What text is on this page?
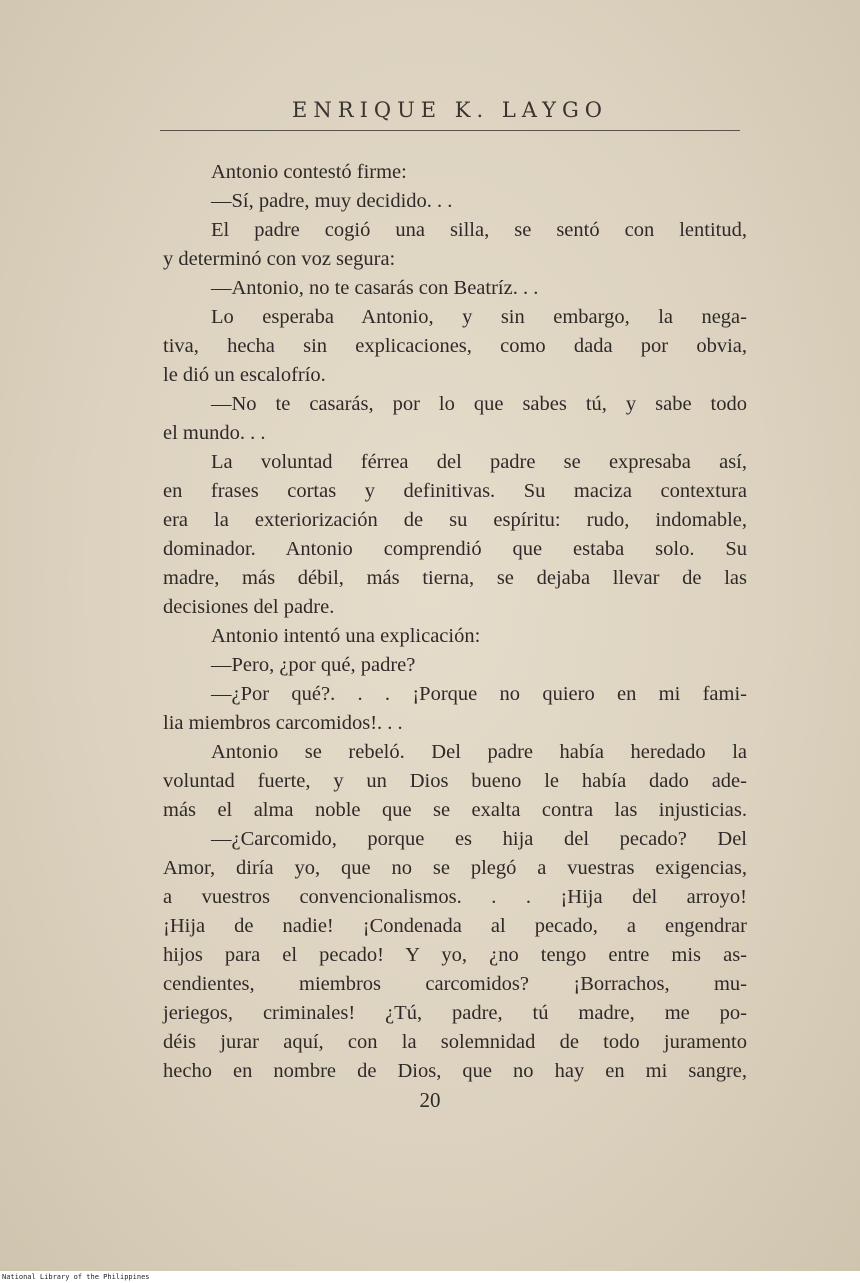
ENRIQUE K. LAYGO
Antonio contestó firme:
—Sí, padre, muy decidido. . .
El padre cogió una silla, se sentó con lentitud,
y determinó con voz segura:
—Antonio, no te casarás con Beatríz. . .
Lo esperaba Antonio, y sin embargo, la nega-
tiva, hecha sin explicaciones, como dada por obvia,
le dió un escalofrío.
—No te casarás, por lo que sabes tú, y sabe todo
el mundo. . .
La voluntad férrea del padre se expresaba así,
en frases cortas y definitivas. Su maciza contextura
era la exteriorización de su espíritu: rudo, indomable,
dominador. Antonio comprendió que estaba solo. Su
madre, más débil, más tierna, se dejaba llevar de las
decisiones del padre.
Antonio intentó una explicación:
—Pero, ¿por qué, padre?
—¿Por qué?. . . ¡Porque no quiero en mi fami-
lia miembros carcomidos!. . .
Antonio se rebeló. Del padre había heredado la
voluntad fuerte, y un Dios bueno le había dado ade-
más el alma noble que se exalta contra las injusticias.
—¿Carcomido, porque es hija del pecado? Del
Amor, diría yo, que no se plegó a vuestras exigencias,
a vuestros convencionalismos. . . ¡Hija del arroyo!
¡Hija de nadie! ¡Condenada al pecado, a engendrar
hijos para el pecado! Y yo, ¿no tengo entre mis as-
cendientes, miembros carcomidos? ¡Borrachos, mu-
jeriegos, criminales! ¿Tú, padre, tú madre, me po-
déis jurar aquí, con la solemnidad de todo juramento
hecho en nombre de Dios, que no hay en mi sangre,
20
National Library of the Philippines
